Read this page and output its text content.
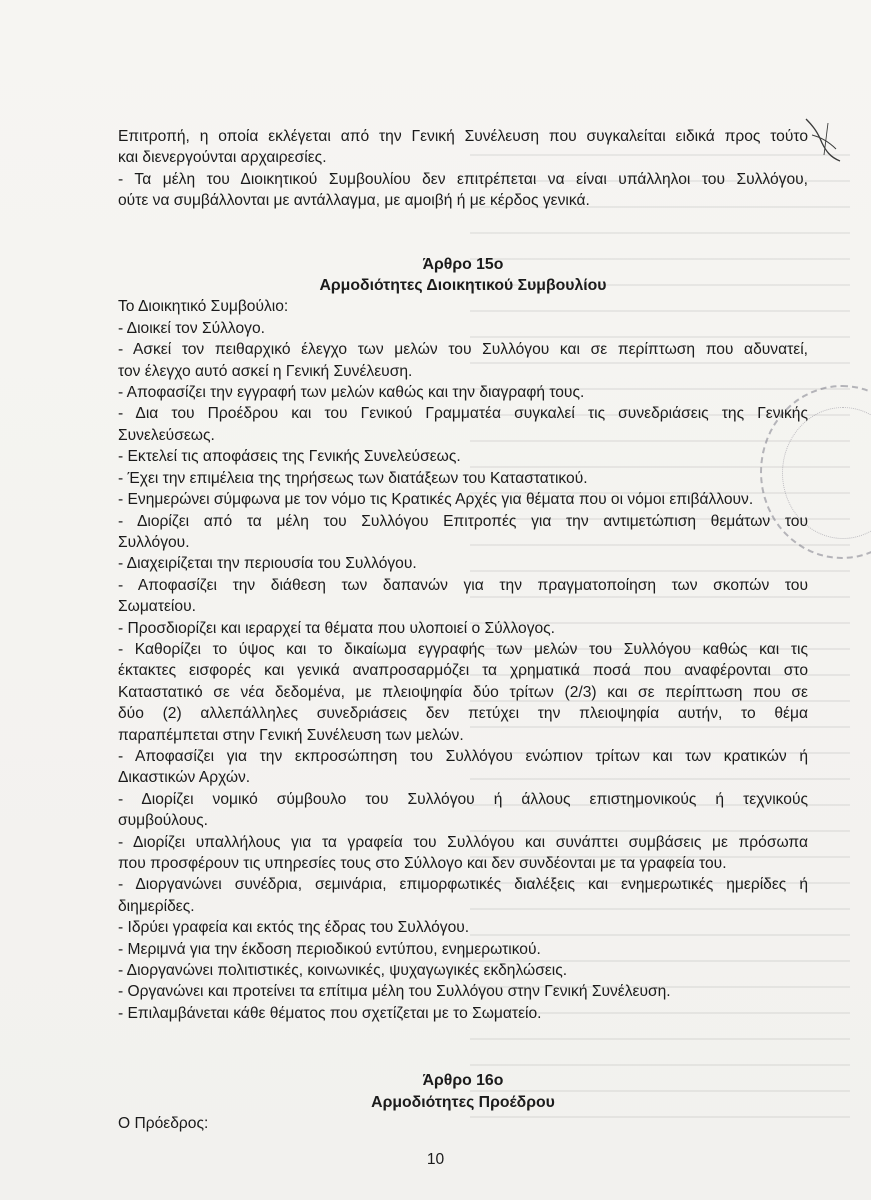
Επιτροπή, η οποία εκλέγεται από την Γενική Συνέλευση που συγκαλείται ειδικά προς τούτο

και διενεργούνται αρχαιρεσίες.

- Τα μέλη του Διοικητικού Συμβουλίου δεν επιτρέπεται να είναι υπάλληλοι του Συλλόγου,

ούτε να συμβάλλονται με αντάλλαγμα, με αμοιβή ή με κέρδος γενικά.

Άρθρο 15ο

Αρμοδιότητες Διοικητικού Συμβουλίου

Το Διοικητικό Συμβούλιο:

- Διοικεί τον Σύλλογο.

- Ασκεί τον πειθαρχικό έλεγχο των μελών του Συλλόγου και σε περίπτωση που αδυνατεί,

τον έλεγχο αυτό ασκεί η Γενική Συνέλευση.

- Αποφασίζει την εγγραφή των μελών καθώς και την διαγραφή τους.

- Δια του Προέδρου και του Γενικού Γραμματέα συγκαλεί τις συνεδριάσεις της Γενικής

Συνελεύσεως.

- Εκτελεί τις αποφάσεις της Γενικής Συνελεύσεως.

- Έχει την επιμέλεια της τηρήσεως των διατάξεων του Καταστατικού.

- Ενημερώνει σύμφωνα με τον νόμο τις Κρατικές Αρχές για θέματα που οι νόμοι επιβάλλουν.

- Διορίζει από τα μέλη του Συλλόγου Επιτροπές για την αντιμετώπιση θεμάτων του

Συλλόγου.

- Διαχειρίζεται την περιουσία του Συλλόγου.

- Αποφασίζει την διάθεση των δαπανών για την πραγματοποίηση των σκοπών του

Σωματείου.

- Προσδιορίζει και ιεραρχεί τα θέματα που υλοποιεί ο Σύλλογος.

- Καθορίζει το ύψος και το δικαίωμα εγγραφής των μελών του Συλλόγου καθώς και τις

έκτακτες εισφορές και γενικά αναπροσαρμόζει τα χρηματικά ποσά που αναφέρονται στο

Καταστατικό σε νέα δεδομένα, με πλειοψηφία δύο τρίτων (2/3) και σε περίπτωση που σε

δύο (2) αλλεπάλληλες συνεδριάσεις δεν πετύχει την πλειοψηφία αυτήν, το θέμα

παραπέμπεται στην Γενική Συνέλευση των μελών.

- Αποφασίζει για την εκπροσώπηση του Συλλόγου ενώπιον τρίτων και των κρατικών ή

Δικαστικών Αρχών.

- Διορίζει νομικό σύμβουλο του Συλλόγου ή άλλους επιστημονικούς ή τεχνικούς

συμβούλους.

- Διορίζει υπαλλήλους για τα γραφεία του Συλλόγου και συνάπτει συμβάσεις με πρόσωπα

που προσφέρουν τις υπηρεσίες τους στο Σύλλογο και δεν συνδέονται με τα γραφεία του.

- Διοργανώνει συνέδρια, σεμινάρια, επιμορφωτικές διαλέξεις και ενημερωτικές ημερίδες ή

διημερίδες.

- Ιδρύει γραφεία και εκτός της έδρας του Συλλόγου.

- Μεριμνά για την έκδοση περιοδικού εντύπου, ενημερωτικού.

- Διοργανώνει πολιτιστικές, κοινωνικές, ψυχαγωγικές εκδηλώσεις.

- Οργανώνει και προτείνει τα επίτιμα μέλη του Συλλόγου στην Γενική Συνέλευση.

- Επιλαμβάνεται κάθε θέματος που σχετίζεται με το Σωματείο.

Άρθρο 16ο

Αρμοδιότητες Προέδρου

Ο Πρόεδρος:

10
